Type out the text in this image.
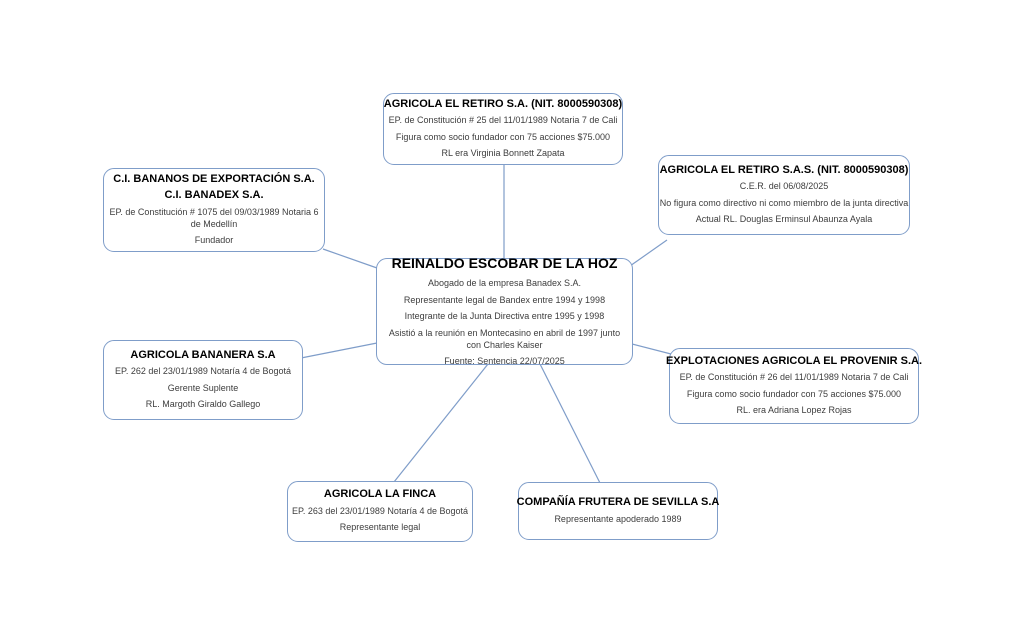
AGRICOLA EL RETIRO S.A. (NIT. 8000590308)
EP. de Constitución # 25 del 11/01/1989 Notaria 7 de Cali
Figura como socio fundador con 75 acciones $75.000
RL era Virginia Bonnett Zapata
AGRICOLA EL RETIRO S.A.S. (NIT. 8000590308)
C.E.R. del 06/08/2025
No figura como directivo ni como miembro de la junta directiva
Actual RL. Douglas Erminsul Abaunza Ayala
C.I. BANANOS DE EXPORTACIÓN S.A.
C.I. BANADEX S.A.
EP. de Constitución # 1075 del 09/03/1989 Notaria 6 de Medellín
Fundador
REINALDO ESCOBAR DE LA HOZ
Abogado de la empresa Banadex S.A.
Representante legal de Bandex entre 1994 y 1998
Integrante de la Junta Directiva entre 1995 y 1998
Asistió a la reunión en Montecasino en abril de 1997 junto con Charles Kaiser
Fuente: Sentencia 22/07/2025
AGRICOLA BANANERA S.A
EP. 262 del 23/01/1989 Notaría 4 de Bogotá
Gerente Suplente
RL. Margoth Giraldo Gallego
EXPLOTACIONES AGRICOLA EL PROVENIR S.A.
EP. de Constitución # 26 del 11/01/1989 Notaria 7 de Cali
Figura como socio fundador con 75 acciones $75.000
RL. era Adriana Lopez Rojas
AGRICOLA LA FINCA
EP. 263 del 23/01/1989 Notaría 4 de Bogotá
Representante legal
COMPAÑÍA FRUTERA DE SEVILLA S.A
Representante apoderado 1989
